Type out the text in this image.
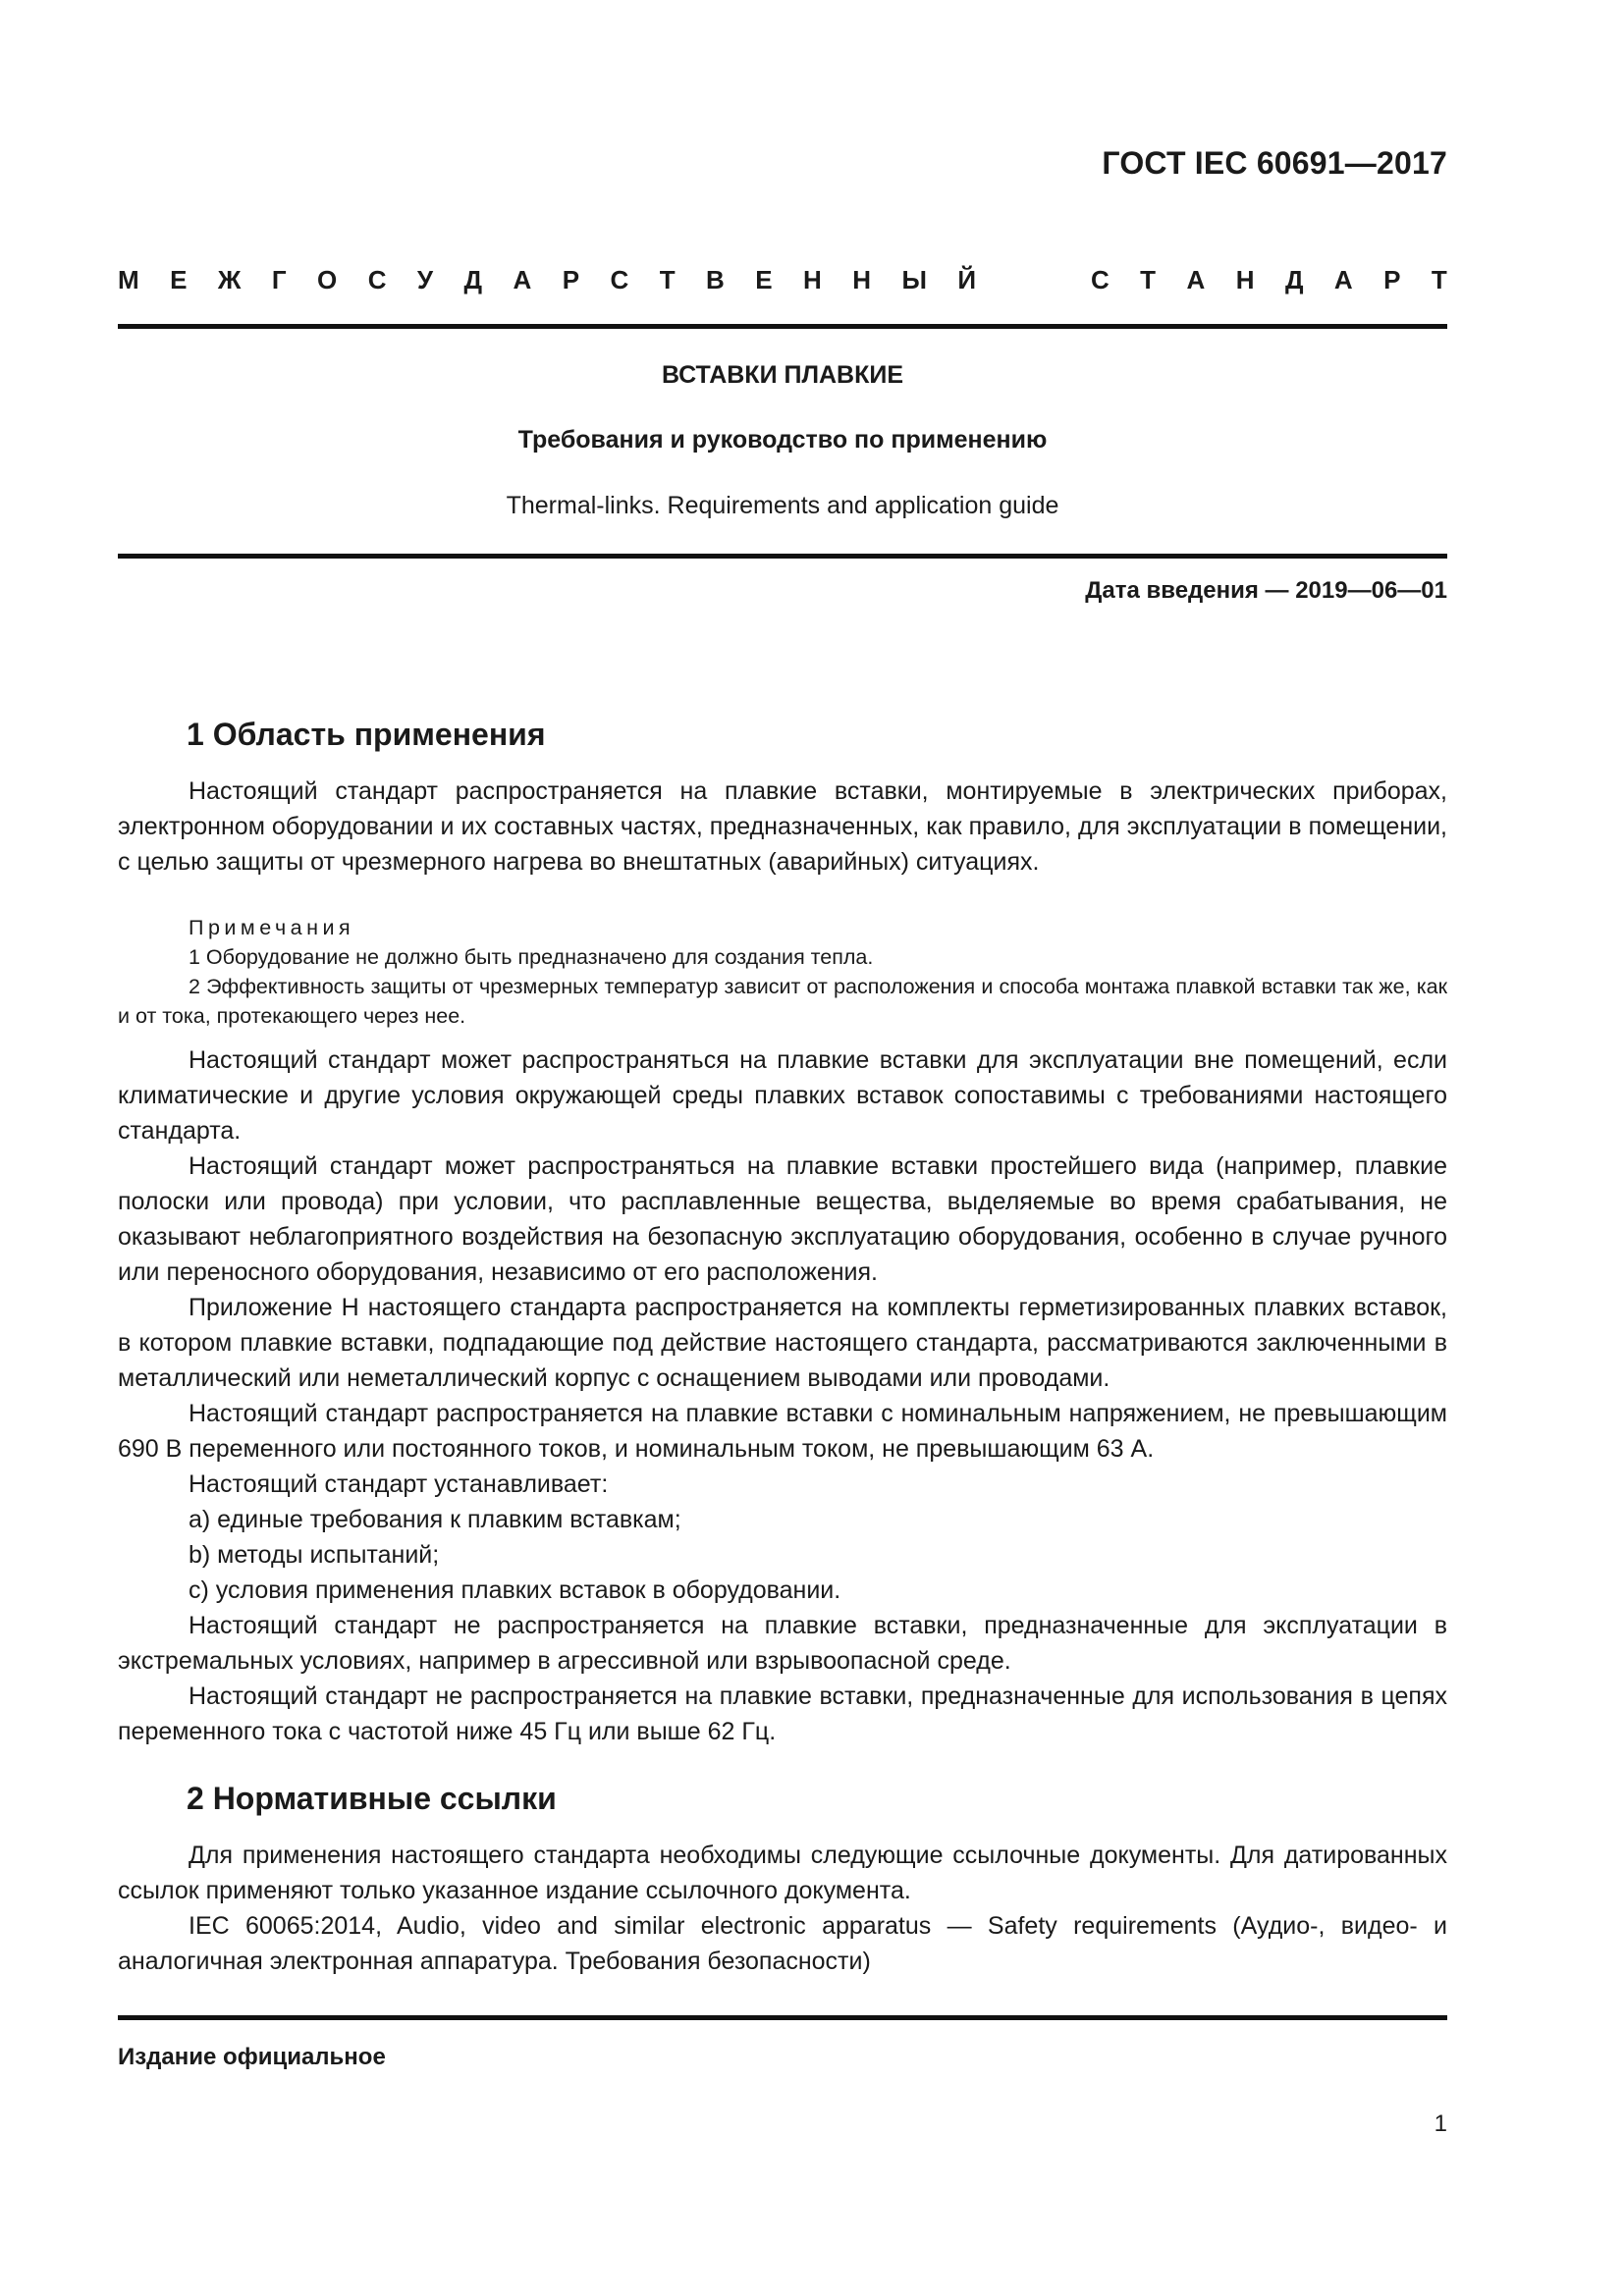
ГОСТ IEC 60691—2017
М Е Ж Г О С У Д А Р С Т В Е Н Н Ы Й	С Т А Н Д А Р Т
ВСТАВКИ ПЛАВКИЕ
Требования и руководство по применению
Thermal-links. Requirements and application guide
Дата введения — 2019—06—01
1 Область применения

Настоящий стандарт распространяется на плавкие вставки, монтируемые в электрических приборах, электронном оборудовании и их составных частях, предназначенных, как правило, для эксплуатации в помещении, с целью защиты от чрезмерного нагрева во внештатных (аварийных) ситуациях.

Примечания
1 Оборудование не должно быть предназначено для создания тепла.
2 Эффективность защиты от чрезмерных температур зависит от расположения и способа монтажа плавкой вставки так же, как и от тока, протекающего через нее.

Настоящий стандарт может распространяться на плавкие вставки для эксплуатации вне помещений, если климатические и другие условия окружающей среды плавких вставок сопоставимы с требованиями настоящего стандарта.

Настоящий стандарт может распространяться на плавкие вставки простейшего вида (например, плавкие полоски или провода) при условии, что расплавленные вещества, выделяемые во время срабатывания, не оказывают неблагоприятного воздействия на безопасную эксплуатацию оборудования, особенно в случае ручного или переносного оборудования, независимо от его расположения.

Приложение Н настоящего стандарта распространяется на комплекты герметизированных плавких вставок, в котором плавкие вставки, подпадающие под действие настоящего стандарта, рассматриваются заключенными в металлический или неметаллический корпус с оснащением выводами или проводами.

Настоящий стандарт распространяется на плавкие вставки с номинальным напряжением, не превышающим 690 В переменного или постоянного токов, и номинальным током, не превышающим 63 А.

Настоящий стандарт устанавливает:

a) единые требования к плавким вставкам;

b) методы испытаний;

c) условия применения плавких вставок в оборудовании.

Настоящий стандарт не распространяется на плавкие вставки, предназначенные для эксплуатации в экстремальных условиях, например в агрессивной или взрывоопасной среде.

Настоящий стандарт не распространяется на плавкие вставки, предназначенные для использования в цепях переменного тока с частотой ниже 45 Гц или выше 62 Гц.

2 Нормативные ссылки

Для применения настоящего стандарта необходимы следующие ссылочные документы. Для датированных ссылок применяют только указанное издание ссылочного документа.

IEC 60065:2014, Audio, video and similar electronic apparatus — Safety requirements (Аудио-, видео- и аналогичная электронная аппаратура. Требования безопасности)

Издание официальное
1
